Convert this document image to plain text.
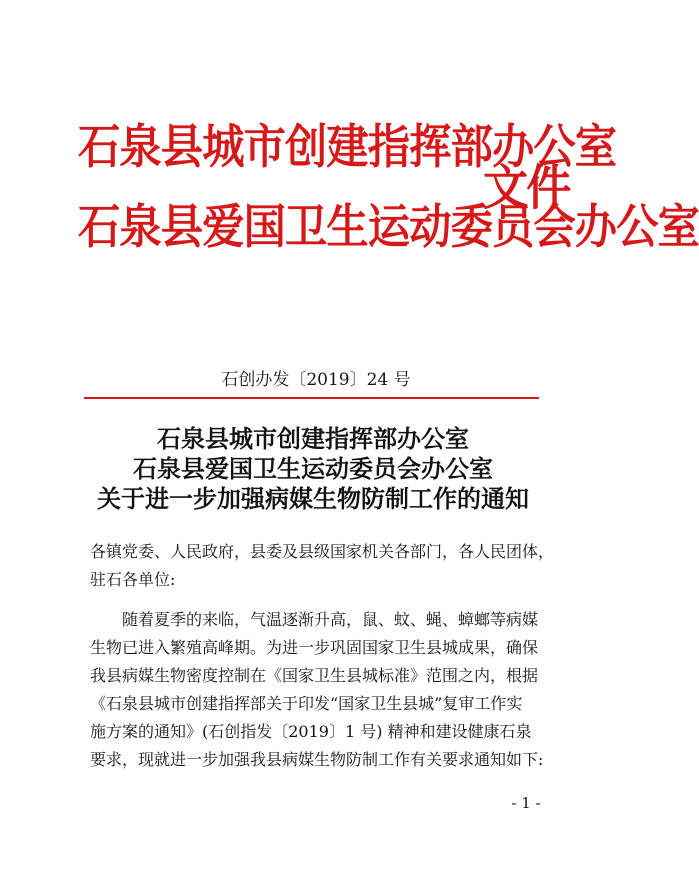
石泉县城市创建指挥部办公室
石泉县爱国卫生运动委员会办公室
文件
石创办发〔2019〕24 号
石泉县城市创建指挥部办公室
石泉县爱国卫生运动委员会办公室
关于进一步加强病媒生物防制工作的通知
各镇党委、人民政府，县委及县级国家机关各部门，各人民团体，
驻石各单位:
随着夏季的来临，气温逐渐升高，鼠、蚊、蝇、蟑螂等病媒
生物已进入繁殖高峰期。为进一步巩固国家卫生县城成果，确保
我县病媒生物密度控制在《国家卫生县城标准》范围之内，根据
《石泉县城市创建指挥部关于印发“国家卫生县城”复审工作实
施方案的通知》(石创指发〔2019〕1 号) 精神和建设健康石泉
要求，现就进一步加强我县病媒生物防制工作有关要求通知如下:
- 1 -
